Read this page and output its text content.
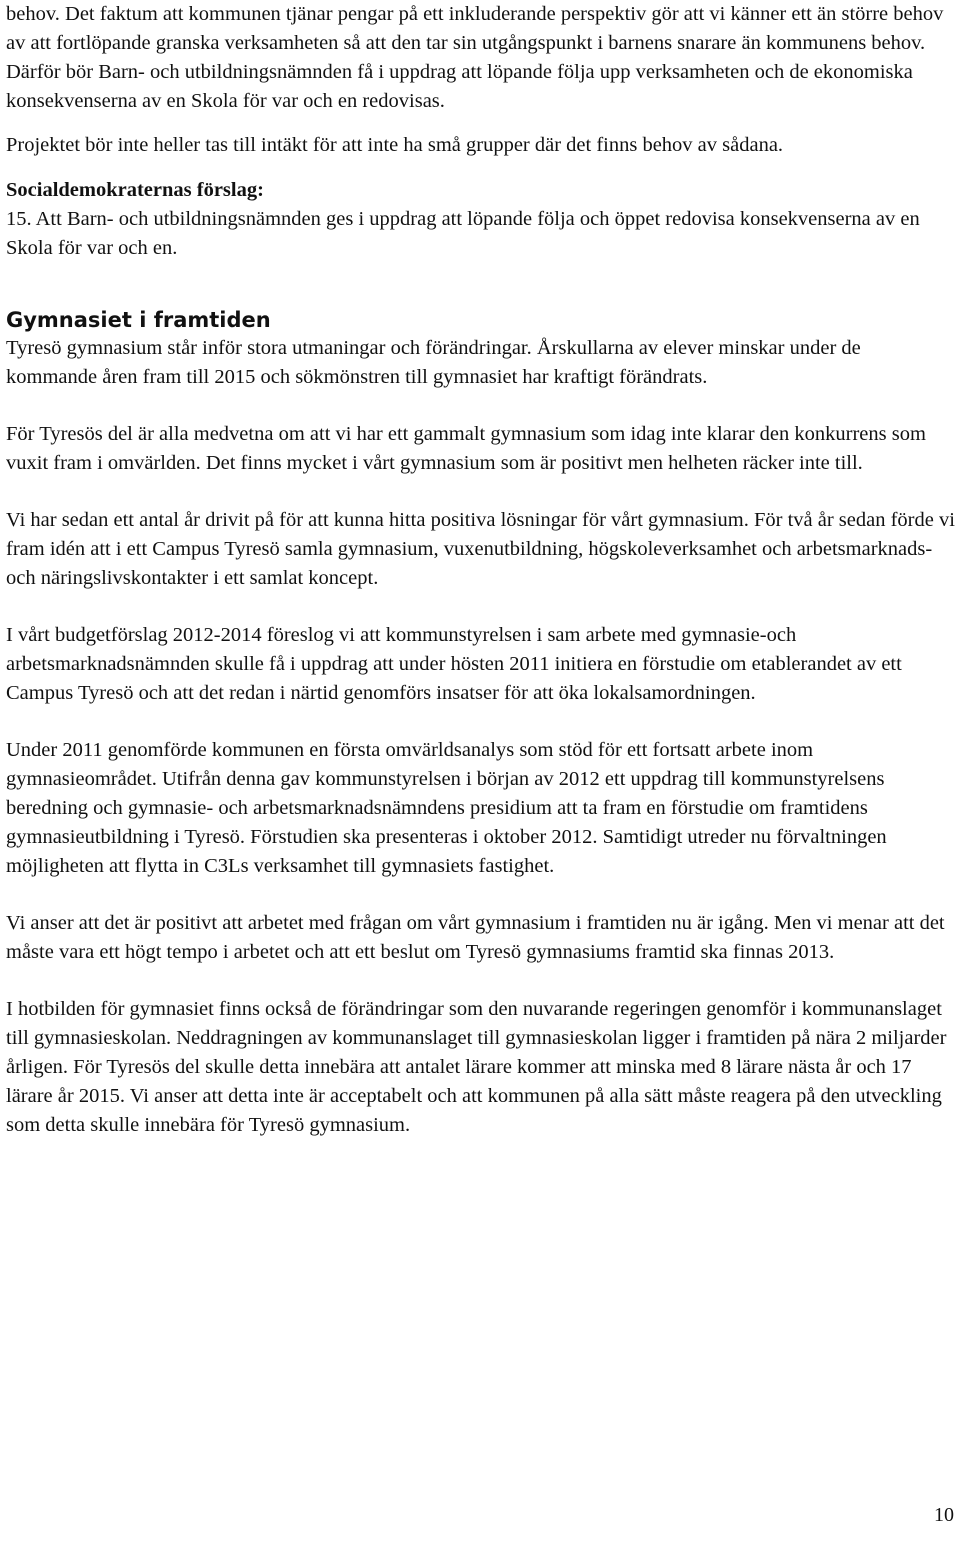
behov. Det faktum att kommunen tjänar pengar på ett inkluderande perspektiv gör att vi känner ett än större behov av att fortlöpande granska verksamheten så att den tar sin utgångspunkt i barnens snarare än kommunens behov. Därför bör Barn- och utbildningsnämnden få i uppdrag att löpande följa upp verksamheten och de ekonomiska konsekvenserna av en Skola för var och en redovisas.

Projektet bör inte heller tas till intäkt för att inte ha små grupper där det finns behov av sådana.

Socialdemokraternas förslag:

15. Att Barn- och utbildningsnämnden ges i uppdrag att löpande följa och öppet redovisa konsekvenserna av en Skola för var och en.

Gymnasiet i framtiden

Tyresö gymnasium står inför stora utmaningar och förändringar. Årskullarna av elever minskar under de kommande åren fram till 2015 och sökmönstren till gymnasiet har kraftigt förändrats.

För Tyresös del är alla medvetna om att vi har ett gammalt gymnasium som idag inte klarar den konkurrens som vuxit fram i omvärlden. Det finns mycket i vårt gymnasium som är positivt men helheten räcker inte till.

Vi har sedan ett antal år drivit på för att kunna hitta positiva lösningar för vårt gymnasium. För två år sedan förde vi fram idén att i ett Campus Tyresö samla gymnasium, vuxenutbildning, högskoleverksamhet och arbetsmarknads- och näringslivskontakter i ett samlat koncept.

I vårt budgetförslag 2012-2014 föreslog vi att kommunstyrelsen i sam arbete med gymnasie-och arbetsmarknadsnämnden skulle få i uppdrag att under hösten 2011 initiera en förstudie om etablerandet av ett Campus Tyresö och att det redan i närtid genomförs insatser för att öka lokalsamordningen.

Under 2011 genomförde kommunen en första omvärldsanalys som stöd för ett fortsatt arbete inom gymnasieområdet. Utifrån denna gav kommunstyrelsen i början av 2012 ett uppdrag till kommunstyrelsens beredning och gymnasie- och arbetsmarknadsnämndens presidium att ta fram en förstudie om framtidens gymnasieutbildning i Tyresö. Förstudien ska presenteras i oktober 2012. Samtidigt utreder nu förvaltningen möjligheten att flytta in C3Ls verksamhet till gymnasiets fastighet.

Vi anser att det är positivt att arbetet med frågan om vårt gymnasium i framtiden nu är igång. Men vi menar att det måste vara ett högt tempo i arbetet och att ett beslut om Tyresö gymnasiums framtid ska finnas 2013.

I hotbilden för gymnasiet finns också de förändringar som den nuvarande regeringen genomför i kommunanslaget till gymnasieskolan. Neddragningen av kommunanslaget till gymnasieskolan ligger i framtiden på nära 2 miljarder årligen. För Tyresös del skulle detta innebära att antalet lärare kommer att minska med 8 lärare nästa år och 17 lärare år 2015. Vi anser att detta inte är acceptabelt och att kommunen på alla sätt måste reagera på den utveckling som detta skulle innebära för Tyresö gymnasium.

10
